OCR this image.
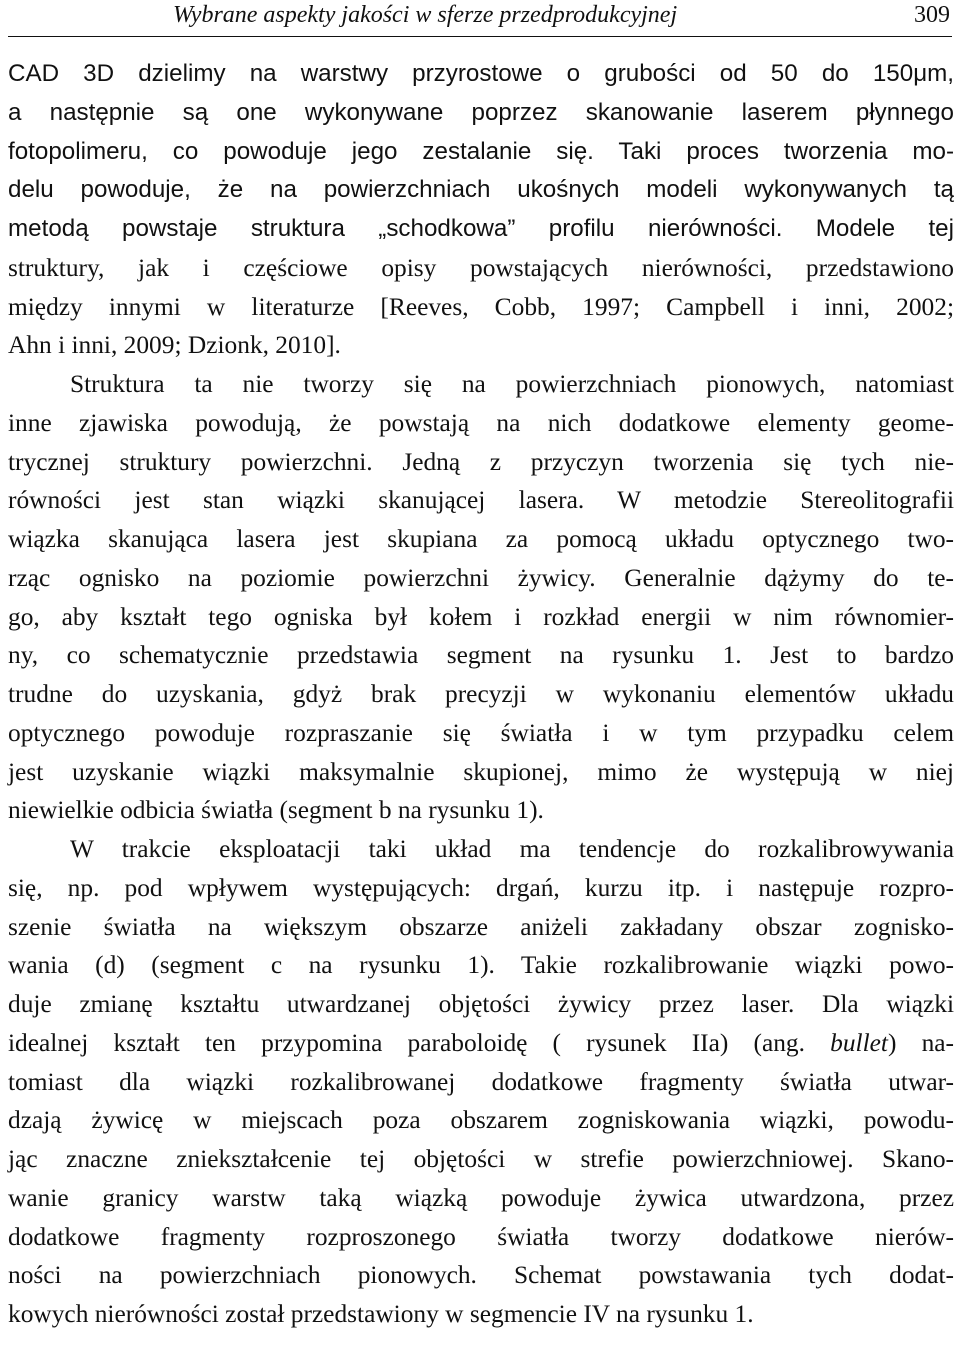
Wybrane aspekty jakości w sferze przedprodukcyjnej	309
CAD 3D dzielimy na warstwy przyrostowe o grubości od 50 do 150μm,
a następnie są one wykonywane poprzez skanowanie laserem płynnego
fotopolimeru, co powoduje jego zestalanie się. Taki proces tworzenia mo-
delu powoduje, że na powierzchniach ukośnych modeli wykonywanych tą
metodą powstaje struktura „schodkowa” profilu nierówności. Modele tej
struktury, jak i częściowe opisy powstających nierówności, przedstawiono
między innymi w literaturze [Reeves, Cobb, 1997; Campbell i inni, 2002;
Ahn i inni, 2009; Dzionk, 2010].
Struktura ta nie tworzy się na powierzchniach pionowych, natomiast
inne zjawiska powodują, że powstają na nich dodatkowe elementy geome-
trycznej struktury powierzchni. Jedną z przyczyn tworzenia się tych nie-
równości jest stan wiązki skanującej lasera. W metodzie Stereolitografii
wiązka skanująca lasera jest skupiana za pomocą układu optycznego two-
rząc ognisko na poziomie powierzchni żywicy. Generalnie dążymy do te-
go, aby kształt tego ogniska był kołem i rozkład energii w nim równomier-
ny, co schematycznie przedstawia segment na rysunku 1. Jest to bardzo
trudne do uzyskania, gdyż brak precyzji w wykonaniu elementów układu
optycznego powoduje rozpraszanie się światła i w tym przypadku celem
jest uzyskanie wiązki maksymalnie skupionej, mimo że występują w niej
niewielkie odbicia światła (segment b na rysunku 1).
W trakcie eksploatacji taki układ ma tendencje do rozkalibrowywania
się, np. pod wpływem występujących: drgań, kurzu itp. i następuje rozpro-
szenie światła na większym obszarze aniżeli zakładany obszar zognisko-
wania (d) (segment c na rysunku 1). Takie rozkalibrowanie wiązki powo-
duje zmianę kształtu utwardzanej objętości żywicy przez laser. Dla wiązki
idealnej kształt ten przypomina paraboloidę ( rysunek IIa) (ang. bullet) na-
tomiast dla wiązki rozkalibrowanej dodatkowe fragmenty światła utwar-
dzają żywicę w miejscach poza obszarem zogniskowania wiązki, powodu-
jąc znaczne zniekształcenie tej objętości w strefie powierzchniowej. Skano-
wanie granicy warstw taką wiązką powoduje żywica utwardzona, przez
dodatkowe fragmenty rozproszonego światła tworzy dodatkowe nierów-
ności na powierzchniach pionowych. Schemat powstawania tych dodat-
kowych nierówności został przedstawiony w segmencie IV na rysunku 1.
